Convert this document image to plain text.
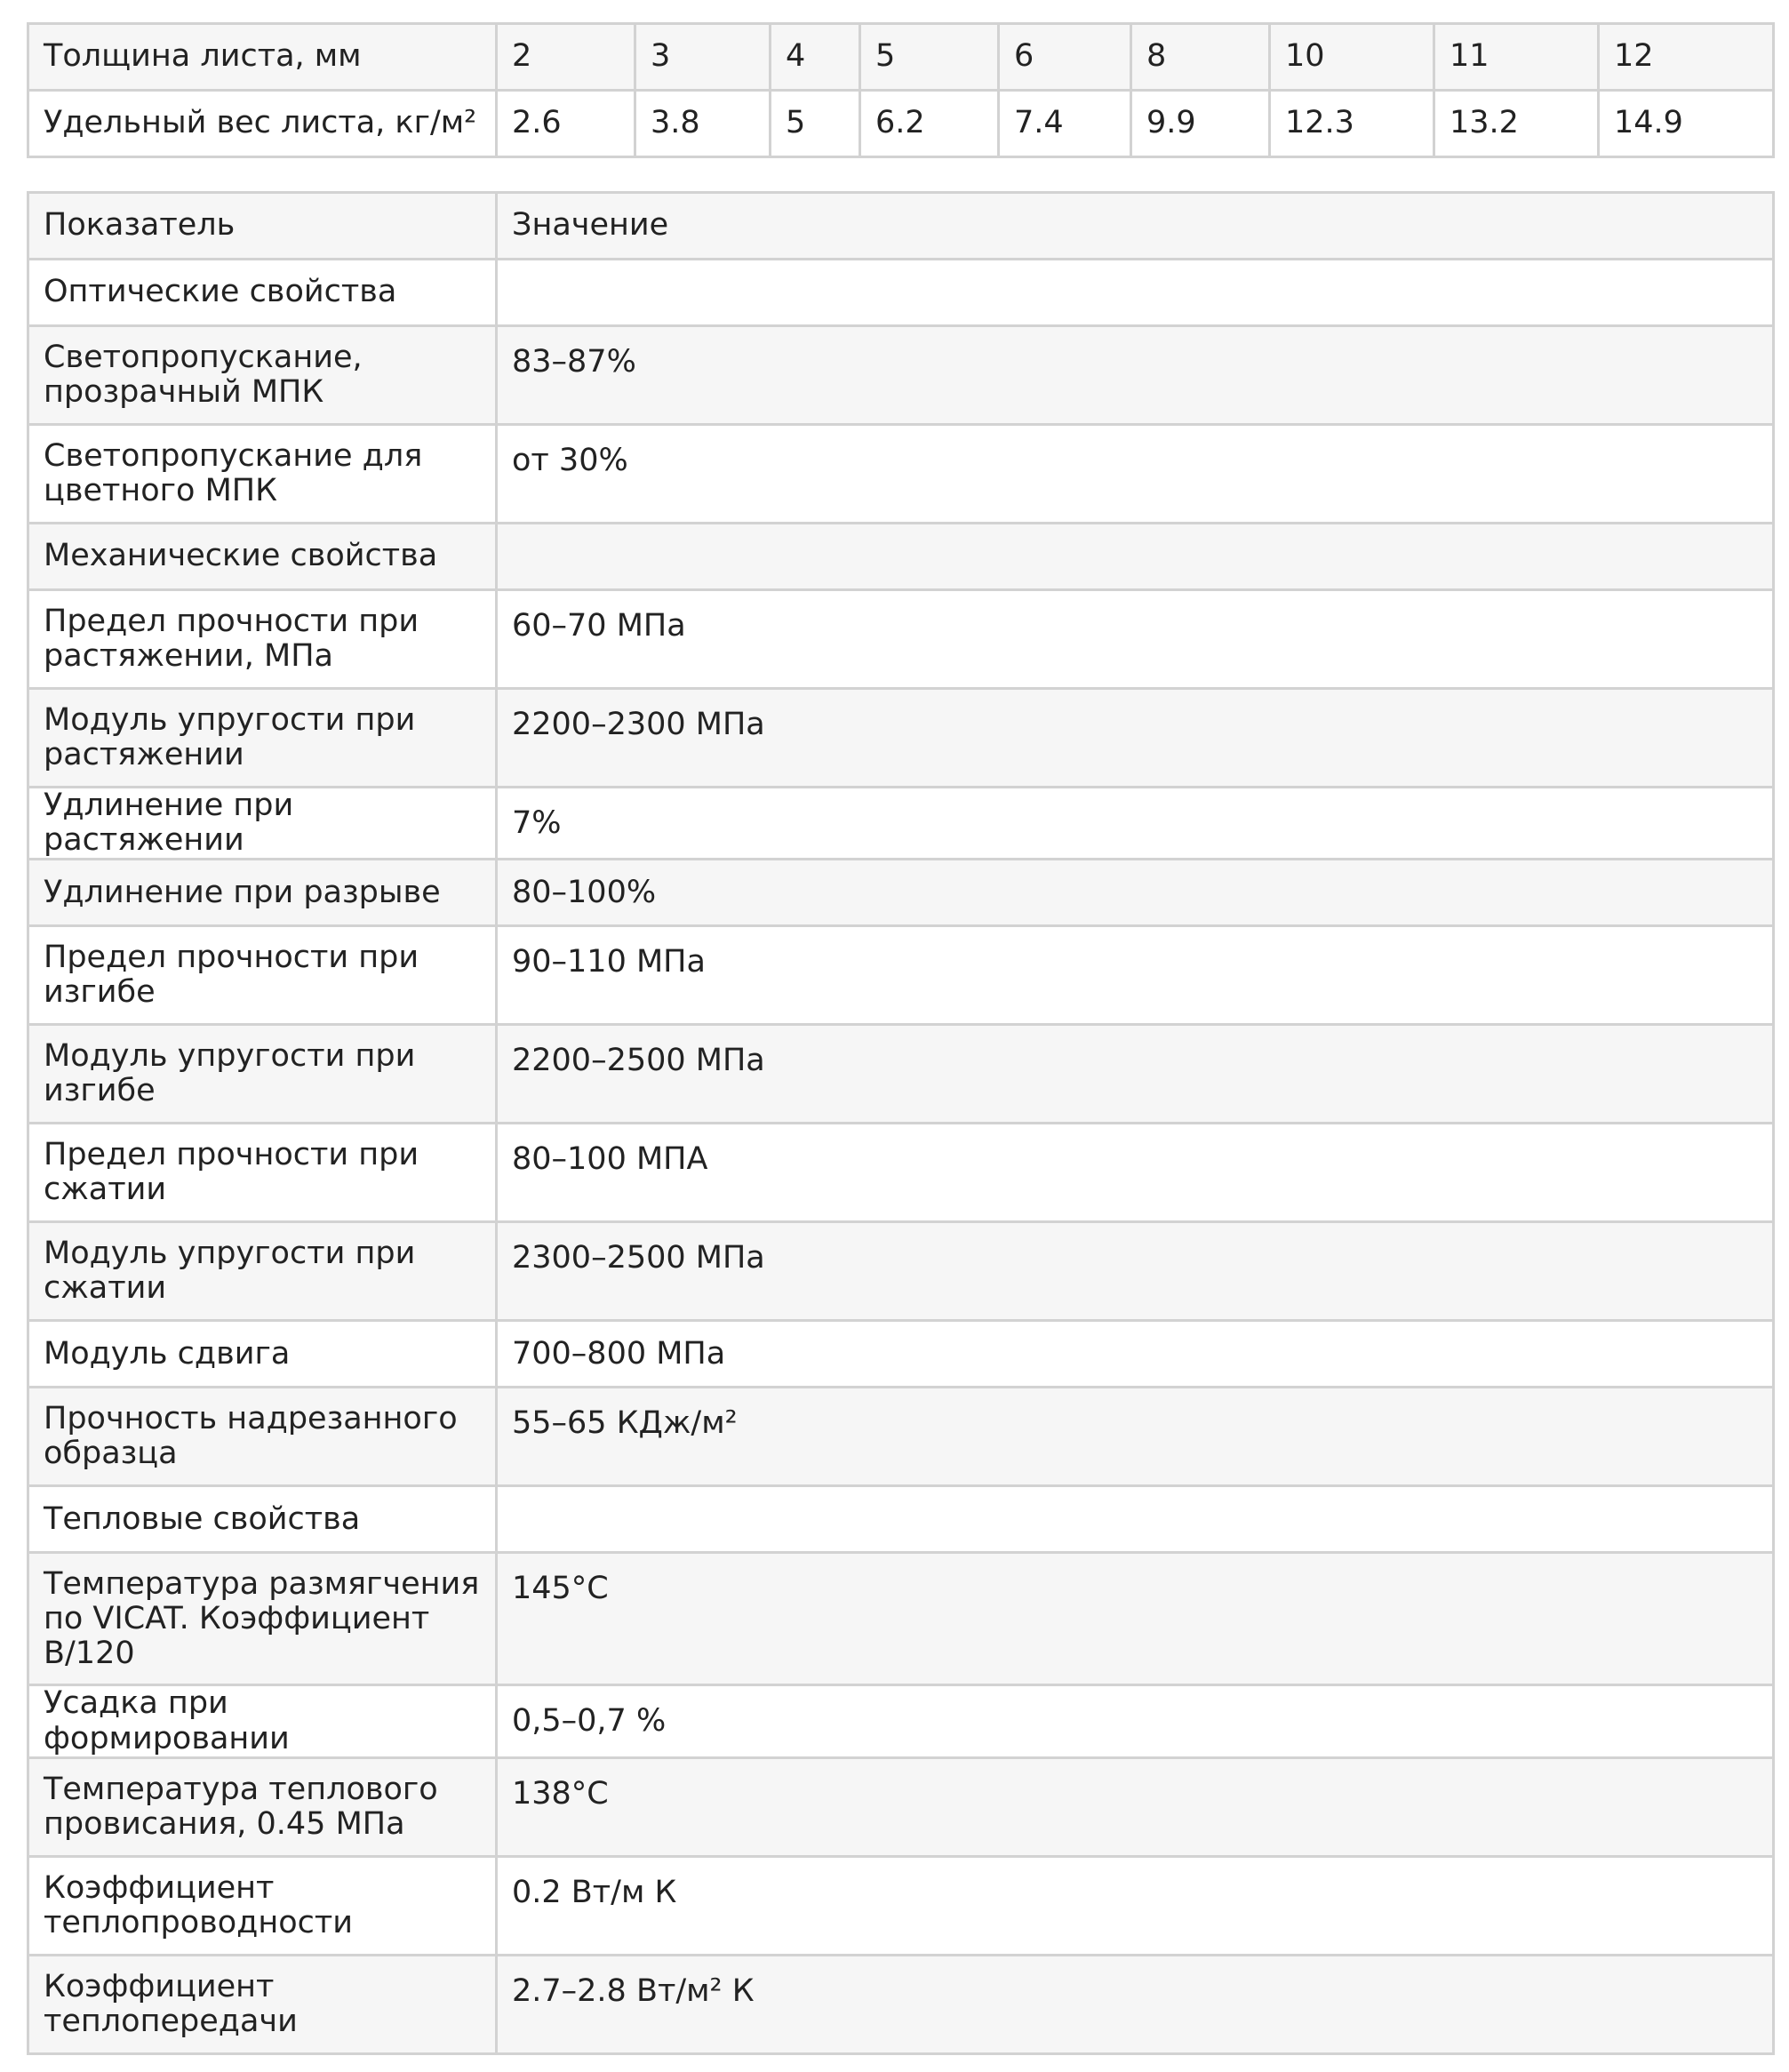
Толщина листа, мм	2	3	4	5	6	8	10	11	12
Удельный вес листа, кг/м²	2.6	3.8	5	6.2	7.4	9.9	12.3	13.2	14.9
Показатель	Значение
Оптические свойства	
Светопропускание, прозрачный МПК	83–87%
Светопропускание для цветного МПК	от 30%
Механические свойства	
Предел прочности при растяжении, МПа	60–70 МПа
Модуль упругости при растяжении	2200–2300 МПа
Удлинение при растяжении	7%
Удлинение при разрыве	80–100%
Предел прочности при изгибе	90–110 МПа
Модуль упругости при изгибе	2200–2500 МПа
Предел прочности при сжатии	80–100 МПА
Модуль упругости при сжатии	2300–2500 МПа
Модуль сдвига	700–800 МПа
Прочность надрезанного образца	55–65 КДж/м²
Тепловые свойства	
Температура размягчения по VICAT. Коэффициент В/120	145°С
Усадка при формировании	0,5–0,7 %
Температура теплового провисания, 0.45 МПа	138°С
Коэффициент теплопроводности	0.2 Вт/м К
Коэффициент теплопередачи	2.7–2.8 Вт/м² К
